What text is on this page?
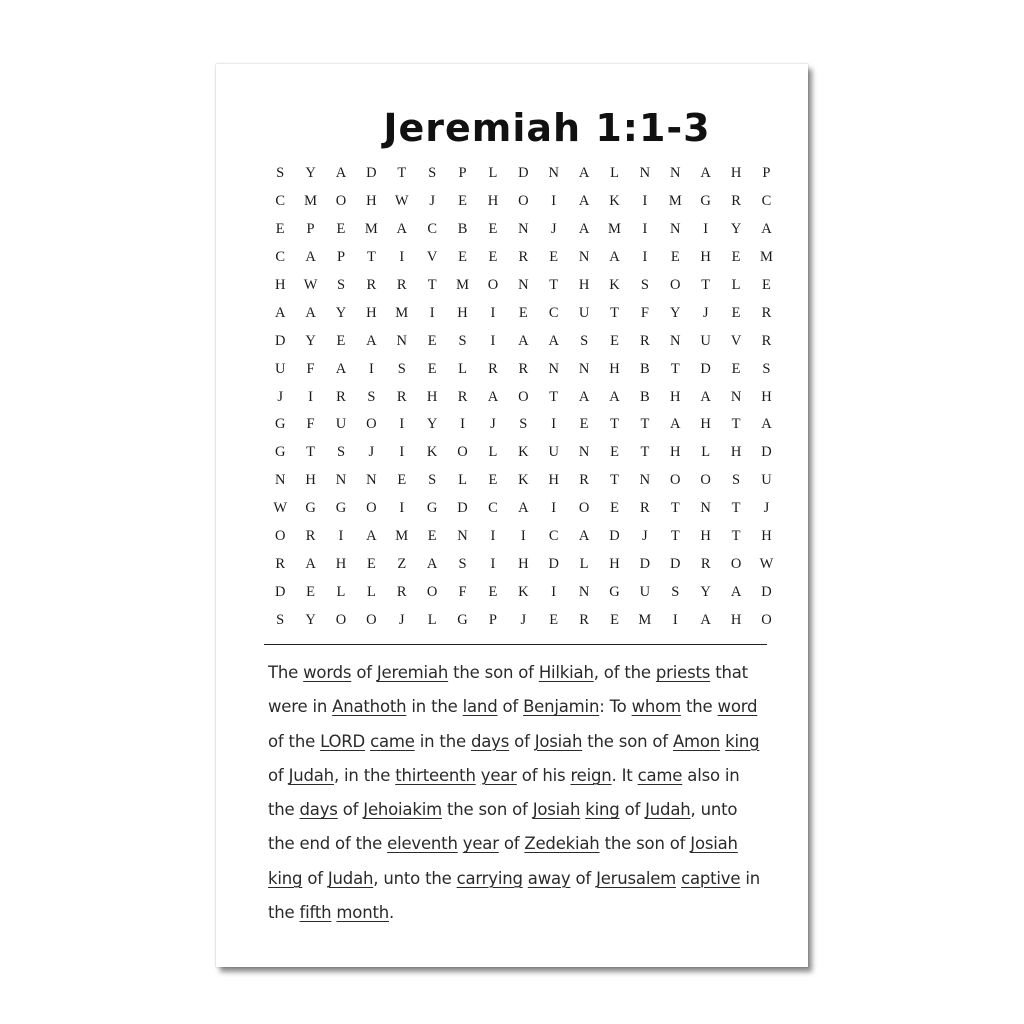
Jeremiah 1:1-3
S	Y	A	D	T	S	P	L	D	N	A	L	N	N	A	H	P
C	M	O	H	W	J	E	H	O	I	A	K	I	M	G	R	C
E	P	E	M	A	C	B	E	N	J	A	M	I	N	I	Y	A
C	A	P	T	I	V	E	E	R	E	N	A	I	E	H	E	M
H	W	S	R	R	T	M	O	N	T	H	K	S	O	T	L	E
A	A	Y	H	M	I	H	I	E	C	U	T	F	Y	J	E	R
D	Y	E	A	N	E	S	I	A	A	S	E	R	N	U	V	R
U	F	A	I	S	E	L	R	R	N	N	H	B	T	D	E	S
J	I	R	S	R	H	R	A	O	T	A	A	B	H	A	N	H
G	F	U	O	I	Y	I	J	S	I	E	T	T	A	H	T	A
G	T	S	J	I	K	O	L	K	U	N	E	T	H	L	H	D
N	H	N	N	E	S	L	E	K	H	R	T	N	O	O	S	U
W	G	G	O	I	G	D	C	A	I	O	E	R	T	N	T	J
O	R	I	A	M	E	N	I	I	C	A	D	J	T	H	T	H
R	A	H	E	Z	A	S	I	H	D	L	H	D	D	R	O	W
D	E	L	L	R	O	F	E	K	I	N	G	U	S	Y	A	D
S	Y	O	O	J	L	G	P	J	E	R	E	M	I	A	H	O

The words of Jeremiah the son of Hilkiah, of the priests that were in Anathoth in the land of Benjamin: To whom the word of the LORD came in the days of Josiah the son of Amon king of Judah, in the thirteenth year of his reign. It came also in the days of Jehoiakim the son of Josiah king of Judah, unto the end of the eleventh year of Zedekiah the son of Josiah king of Judah, unto the carrying away of Jerusalem captive in the fifth month.
